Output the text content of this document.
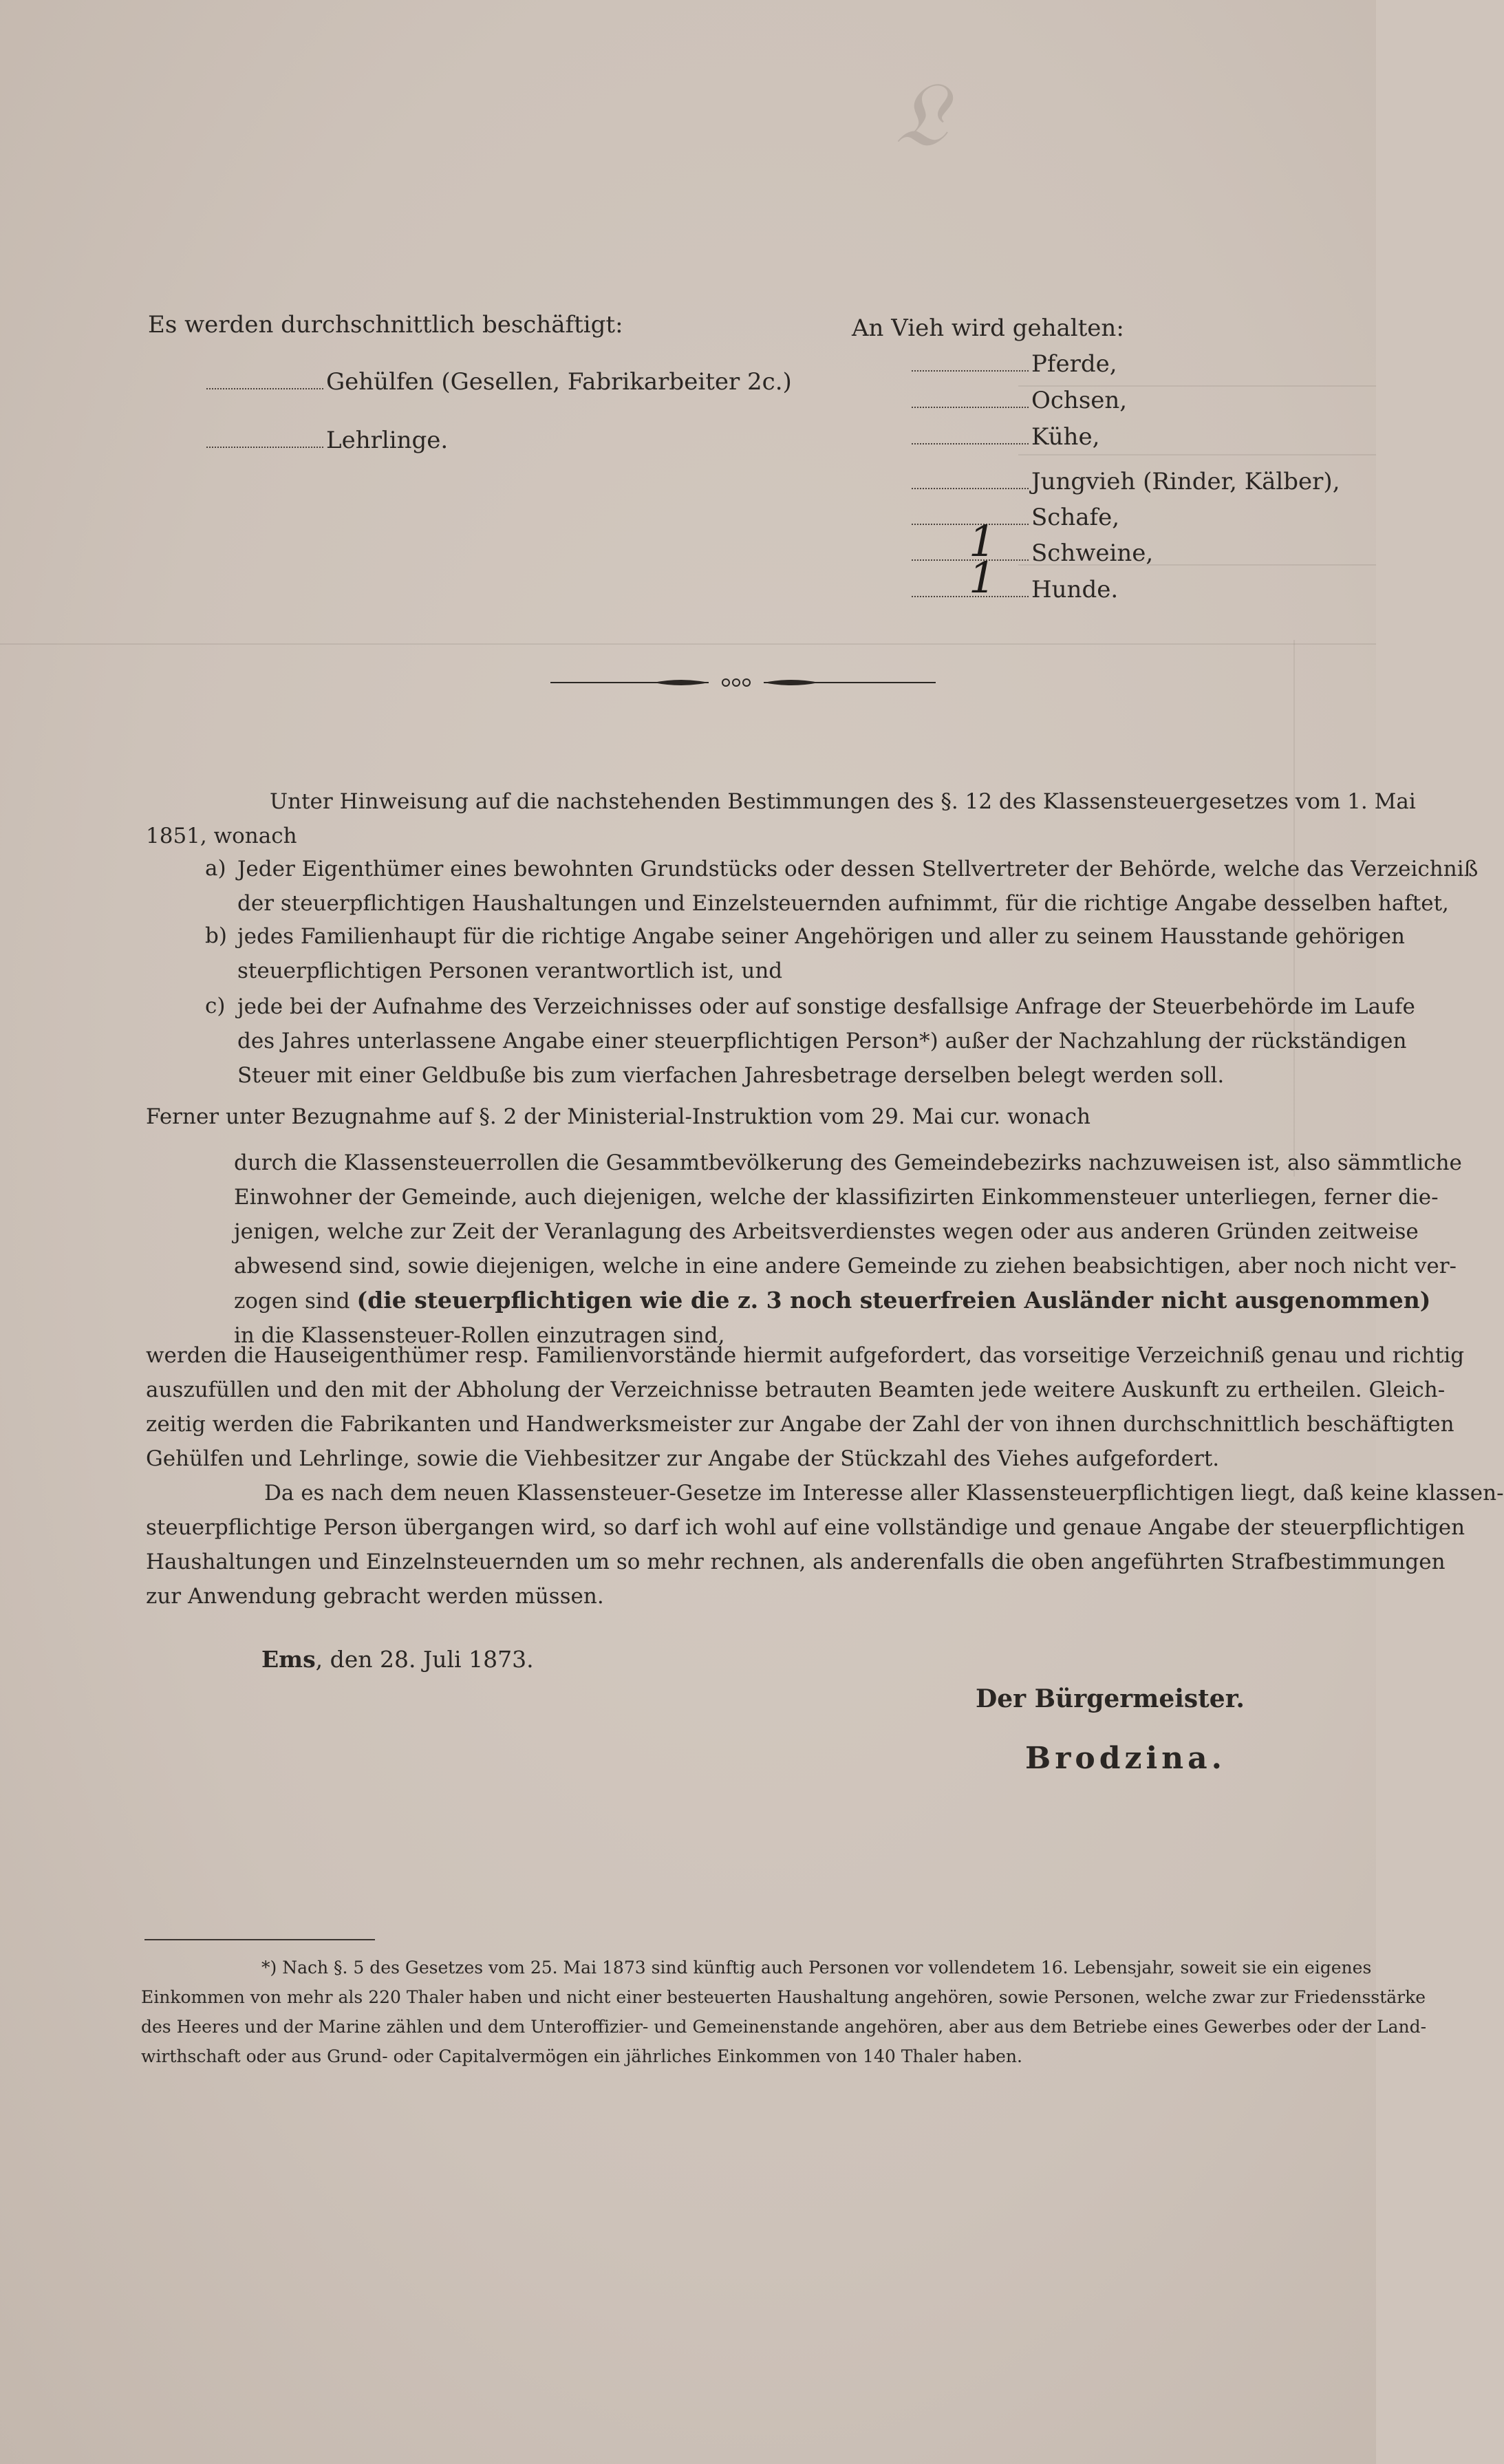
𝔏
Es werden durchschnittlich beschäftigt:
Gehülfen (Gesellen, Fabrikarbeiter 2c.)
Lehrlinge.
An Vieh wird gehalten:
Pferde,
Ochsen,
Kühe,
Jungvieh (Rinder, Kälber),
Schafe,
Schweine,
1
Hunde.
1
Unter Hinweisung auf die nachstehenden Bestimmungen des §. 12 des Klassensteuergesetzes vom 1. Mai
1851, wonach
a) Jeder Eigenthümer eines bewohnten Grundstücks oder dessen Stellvertreter der Behörde, welche das Verzeichniß
der steuerpflichtigen Haushaltungen und Einzelsteuernden aufnimmt, für die richtige Angabe desselben haftet,
b) jedes Familienhaupt für die richtige Angabe seiner Angehörigen und aller zu seinem Hausstande gehörigen
steuerpflichtigen Personen verantwortlich ist, und
c) jede bei der Aufnahme des Verzeichnisses oder auf sonstige desfallsige Anfrage der Steuerbehörde im Laufe
des Jahres unterlassene Angabe einer steuerpflichtigen Person*) außer der Nachzahlung der rückständigen
Steuer mit einer Geldbuße bis zum vierfachen Jahresbetrage derselben belegt werden soll.
Ferner unter Bezugnahme auf §. 2 der Ministerial-Instruktion vom 29. Mai cur. wonach
durch die Klassensteuerrollen die Gesammtbevölkerung des Gemeindebezirks nachzuweisen ist, also sämmtliche
Einwohner der Gemeinde, auch diejenigen, welche der klassifizirten Einkommensteuer unterliegen, ferner die-
jenigen, welche zur Zeit der Veranlagung des Arbeitsverdienstes wegen oder aus anderen Gründen zeitweise
abwesend sind, sowie diejenigen, welche in eine andere Gemeinde zu ziehen beabsichtigen, aber noch nicht ver-
zogen sind (die steuerpflichtigen wie die z. 3 noch steuerfreien Ausländer nicht ausgenommen)
in die Klassensteuer-Rollen einzutragen sind,
werden die Hauseigenthümer resp. Familienvorstände hiermit aufgefordert, das vorseitige Verzeichniß genau und richtig
auszufüllen und den mit der Abholung der Verzeichnisse betrauten Beamten jede weitere Auskunft zu ertheilen. Gleich-
zeitig werden die Fabrikanten und Handwerksmeister zur Angabe der Zahl der von ihnen durchschnittlich beschäftigten
Gehülfen und Lehrlinge, sowie die Viehbesitzer zur Angabe der Stückzahl des Viehes aufgefordert.
Da es nach dem neuen Klassensteuer-Gesetze im Interesse aller Klassensteuerpflichtigen liegt, daß keine klassen-
steuerpflichtige Person übergangen wird, so darf ich wohl auf eine vollständige und genaue Angabe der steuerpflichtigen
Haushaltungen und Einzelnsteuernden um so mehr rechnen, als anderenfalls die oben angeführten Strafbestimmungen
zur Anwendung gebracht werden müssen.
Ems, den 28. Juli 1873.
Der Bürgermeister.
Brodzina.
*) Nach §. 5 des Gesetzes vom 25. Mai 1873 sind künftig auch Personen vor vollendetem 16. Lebensjahr, soweit sie ein eigenes
Einkommen von mehr als 220 Thaler haben und nicht einer besteuerten Haushaltung angehören, sowie Personen, welche zwar zur Friedensstärke
des Heeres und der Marine zählen und dem Unteroffizier- und Gemeinenstande angehören, aber aus dem Betriebe eines Gewerbes oder der Land-
wirthschaft oder aus Grund- oder Capitalvermögen ein jährliches Einkommen von 140 Thaler haben.
